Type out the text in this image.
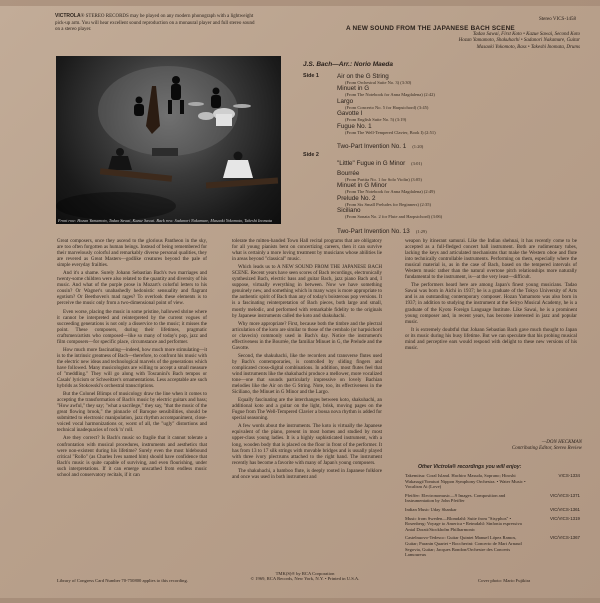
VICTROLA® STEREO RECORDS may be played on any modern phonograph with a lightweight pick-up arm. You will hear excellent sound reproduction on a monaural player and full stereo sound on a stereo player.
Stereo VICS-1458
A NEW SOUND FROM THE JAPANESE BACH SCENE
Tadao Sawai, First Koto • Kazue Sawai, Second Koto
Hozan Yamamoto, Shakuhachi • Sadanori Nakamure, Guitar
Masaoki Yokomoto, Bass • Takeshi Inomata, Drums
Front row: Hozan Yamamoto, Tadao Sawai, Kazue Sawai. Back row: Sadanori Nakamure, Masaoki Yokomoto, Takeshi Inomata
J.S. Bach—Arr.: Norio Maeda
Side 1	Air on the G String
(From Orchestral Suite No. 3) (3:30)
Minuet in G
(From The Notebook for Anna Magdalena) (2:42)
Largo
(From Concerto No. 5 for Harpsichord) (3:45)
Gavotte I
(From English Suite No. 5) (3:19)
Fugue No. 1
(From The Well-Tempered Clavier, Book I) (2:51)
Two-Part Invention No. 1 (1:20)
Side 2
"Little" Fugue in G Minor (3:01)
Bourrée
(From Partita No. 1 for Solo Violin) (3:05)
Minuet in G Minor
(From The Notebook for Anna Magdalena) (2:49)
Prelude No. 2
(From Six Small Preludes for Beginners) (2:35)
Siciliano
(From Sonata No. 2 for Flute and Harpsichord) (3:06)
Two-Part Invention No. 13 (1:29)

Great composers, once they ascend to the glorious Pantheon in the sky, are too often forgotten as human beings. Instead of being remembered for their marvelously colorful and remarkably diverse personal qualities, they are revered as Great Masters—godlike creatures beyond the pale of simple everyday frailties.

And it's a shame. Surely Johann Sebastian Bach's two marriages and twenty-some children were also related to the quantity and diversity of his music. And what of the purple prose in Mozart's colorful letters to his cousin? Or Wagner's unabashedly hedonistic sensuality and flagrant egotism? Or Beethoven's mad rages? To overlook these elements is to perceive the music only from a two-dimensional point of view.

Even worse, placing the music in some pristine, hallowed shrine where it cannot be interpreted and reinterpreted by the current vogues of succeeding generations is not only a disservice to the music; it misses the point. These composers, during their lifetimes, pragmatic craftsmen/artists who composed—like so many of today's pop, jazz and film composers—for specific place, circumstance and performer.

How much more fascinating—indeed, how much more stimulating—it is to the intrinsic greatness of Bach—therefore, to confront his music with the electric new ideas and technological marvels of the generations which have followed. Many musicologists are willing to accept a small measure of "meddling." They will go along with Toscanini's Bach tempos or Casals' lyricism or Schweitzer's ornamentations. Less acceptable are such hybrids as Stokowski's orchestral transcriptions.

But the Colonel Blimps of musicology draw the line when it comes to accepting the transformation of Bach's music by electric guitars and bass; "How awful," they say; "what a sacrilege," they say, "that the music of the great flowing brook," the pinnacle of Baroque sensibilities, should be submitted to electronic manipulation, jazz rhythm accompaniment, close-voiced vocal harmonizations or, worst of all, the "ugly" distortions and technical inadequacies of rock 'n' roll.

Are they correct? Is Bach's music so fragile that it cannot tolerate a confrontation with musical procedures, instruments and aesthetics that were non-existent during his lifetime? Surely even the most hidebound critical "Rollo" (as Charles Ives named him) should have confidence that Bach's music is quite capable of surviving, and even flourishing, under such interpretations. If it can emerge unscathed from endless music school and conservatory recitals, if it can

tolerate the mitten-handed Town Hall recital programs that are obligatory for all young pianists bent on concertizing careers, then it can survive what is certainly a more loving treatment by musicians whose abilities lie in areas beyond "classical" music.

Which leads us to A NEW SOUND FROM THE JAPANESE BACH SCENE. Recent years have seen scores of Bach recordings, electronically synthesized Bach, electric bass and guitar Bach, jazz piano Bach and, I suppose, virtually everything in between. Now we have something genuinely new, and something which in many ways is more appropriate to the authentic spirit of Bach than any of today's boisterous pop versions. It is a fascinating reinterpretation of Bach pieces, both large and small, mostly melodic, and performed with remarkable fidelity to the originals by Japanese instruments called the koto and shakuhachi.

Why more appropriate? First, because both the timbre and the plectral articulation of the koto are similar to those of the cembalo (or harpsichord or clavecin) commonly used in Bach's day. Notice the instrument's effectiveness in the Bourrée, the familiar Minuet in G, the Prelude and the Gavotte.

Second, the shakuhachi, like the recorders and transverse flutes used by Bach's contemporaries, is controlled by sliding fingers and complicated cross-digital combinations. In addition, most flutes feel that wind instruments like the shakuhachi produce a mellower, more vocalized tone—one that sounds particularly impressive on lovely Bachian melodies like the Air on the G String. Note, too, its effectiveness in the Siciliano, the Minuet in G Minor and the Largo.

Equally fascinating are the interchanges between koto, shakuhachi, an additional koto and a guitar on the light, brisk, moving pages on the Fugue from The Well-Tempered Clavier a bossa nova rhythm is added for special seasoning.

A few words about the instruments. The koto is virtually the Japanese equivalent of the piano, present in most homes and studied by most upper-class young ladies. It is a highly sophisticated instrument, with a long, wooden body that is placed on the floor in front of the performer. It has from 13 to 17 silk strings with movable bridges and is usually played with three ivory plectrums attached to the right hand. The instrument recently has become a favorite with many of Japan's young composers.

The shakuhachi, a bamboo flute, is deeply rooted in Japanese folklore and once was used in both instrument and

weapon by itinerant samurai. Like the Indian shehnai, it has recently come to be accepted as a full-fledged concert hall instrument. Both are rudimentary tubes, lacking the keys and articulated mechanisms that make the Western oboe and flute into technically controllable instruments. Performing on them, especially where the musical material is, as in the case of Bach, based on the tempered intervals of Western music rather than the natural overtone pitch relationships more naturally fundamental to the instrument, is—at the very least—difficult.

The performers heard here are among Japan's finest young musicians. Tadao Sawai was born in Aichi in 1937; he is a graduate of the Tokyo University of Arts and is an outstanding contemporary composer. Hozan Yamamoto was also born in 1937; in addition to studying the instrument at the Seiryo Musical Academy, he is a graduate of the Kyoto Foreign Language Institute. Like Sawai, he is a prominent young composer and, in recent years, has become interested in jazz and popular music.

It is extremely doubtful that Johann Sebastian Bach gave much thought to Japan or its music during his busy lifetime. But we can speculate that his probing musical mind and perceptive ears would respond with delight to these new versions of his music.

—DON HECKMAN
Contributing Editor, Stereo Review
Other Victrola® recordings you will enjoy:
Takemitsu: Coral Island. Hachiro Masuda, Soprano; Hiroshi Wakasugi/Yomiuri Nippon Symphony Orchestra. • Water Music • Vocalism Ai (Love)
VICS-1334
Pfeiffer: Electronomusic—9 Images. Composition and Instrumentation by John Pfeiffer
VIC/VICS-1371
Indian Music Uday Shankar	VIC/VICS-1361
Music from Sweden—Blomdahl: Suite from "Sisyphos" • Rosenberg: Voyage to America • Reimdahl: Sinfonia espressiva Antal Dorati/Stockholm Philharmonic
VIC/VICS-1319
Castelnuovo-Tedesco: Guitar Quintet Manuel López Ramos, Guitar; Paranin Quartet • Boccherini: Concerto de Mari Arnaud Segovia, Guitar; Jacques Bondon/Orchestre des Concerts Lamoureux
VIC/VICS-1367
Library of Congress Card Number 70-750800 applies to this recording.
TMK(S)® by RCA Corporation
© 1969, RCA Records, New York, N.Y. • Printed in U.S.A.	Cover photo: Mario Fujikira
